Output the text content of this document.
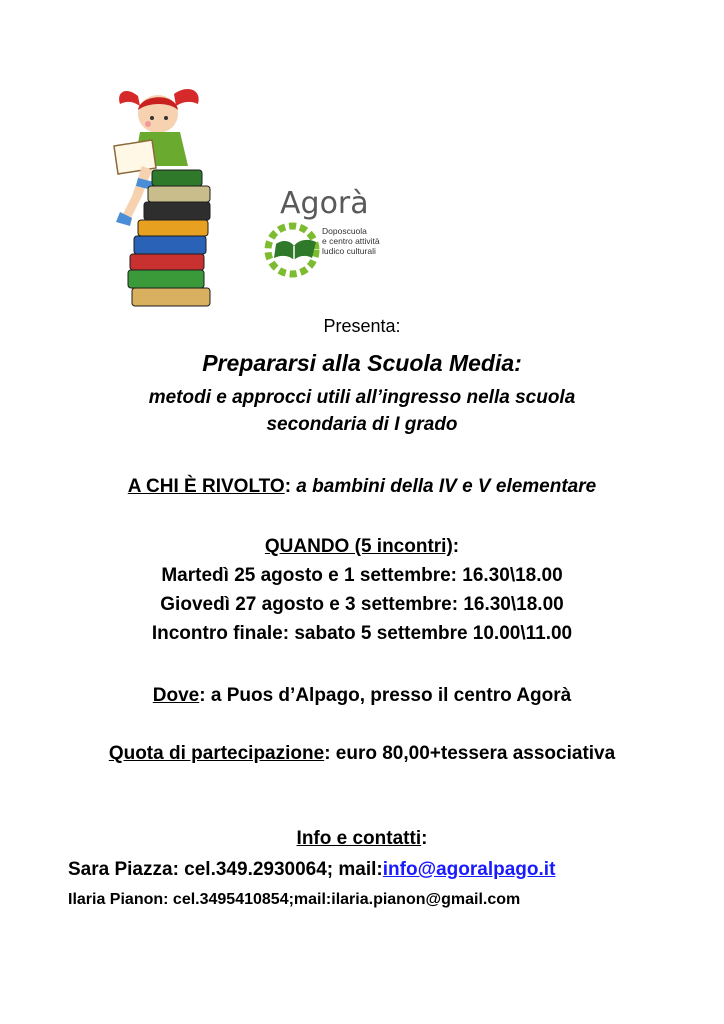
Agorà
Doposcuola
e centro attività
ludico culturali
Presenta:
Prepararsi alla Scuola Media:
metodi e approcci utili all’ingresso nella scuola
secondaria di I grado
A CHI È RIVOLTO: a bambini della IV e V elementare
QUANDO (5 incontri):
Martedì 25 agosto e 1 settembre: 16.30\18.00
Giovedì 27 agosto e 3 settembre: 16.30\18.00
Incontro finale: sabato 5 settembre 10.00\11.00
Dove: a Puos d’Alpago, presso il centro Agorà
Quota di partecipazione: euro 80,00+tessera associativa
Info e contatti:
Sara Piazza: cel.349.2930064; mail:info@agoralpago.it
Ilaria Pianon: cel.3495410854;mail:ilaria.pianon@gmail.com
